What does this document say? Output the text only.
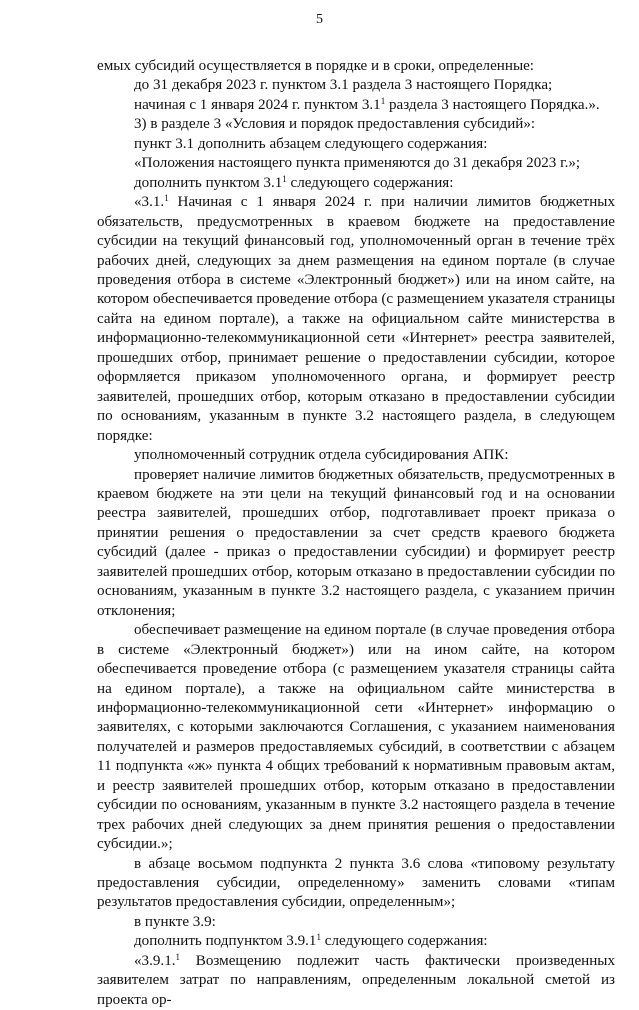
5

емых субсидий осуществляется в порядке и в сроки, определенные:

до 31 декабря 2023 г. пунктом 3.1 раздела 3 настоящего Порядка;

начиная с 1 января 2024 г. пунктом $3.1^1$ раздела 3 настоящего Порядка.».

3) в разделе 3 «Условия и порядок предоставления субсидий»:

пункт 3.1 дополнить абзацем следующего содержания:

«Положения настоящего пункта применяются до 31 декабря 2023 г.»;

дополнить пунктом $3.1^1$ следующего содержания:

«3.1.$^1$ Начиная с 1 января 2024 г. при наличии лимитов бюджетных обязательств, предусмотренных в краевом бюджете на предоставление субсидии на текущий финансовый год, уполномоченный орган в течение трёх рабочих дней, следующих за днем размещения на едином портале (в случае проведения отбора в системе «Электронный бюджет») или на ином сайте, на котором обеспечивается проведение отбора (с размещением указателя страницы сайта на едином портале), а также на официальном сайте министерства в информационно-телекоммуникационной сети «Интернет» реестра заявителей, прошедших отбор, принимает решение о предоставлении субсидии, которое оформляется приказом уполномоченного органа, и формирует реестр заявителей, прошедших отбор, которым отказано в предоставлении субсидии по основаниям, указанным в пункте 3.2 настоящего раздела, в следующем порядке:

уполномоченный сотрудник отдела субсидирования АПК:

проверяет наличие лимитов бюджетных обязательств, предусмотренных в краевом бюджете на эти цели на текущий финансовый год и на основании реестра заявителей, прошедших отбор, подготавливает проект приказа о принятии решения о предоставлении за счет средств краевого бюджета субсидий (далее - приказ о предоставлении субсидии) и формирует реестр заявителей прошедших отбор, которым отказано в предоставлении субсидии по основаниям, указанным в пункте 3.2 настоящего раздела, с указанием причин отклонения;

обеспечивает размещение на едином портале (в случае проведения отбора в системе «Электронный бюджет») или на ином сайте, на котором обеспечивается проведение отбора (с размещением указателя страницы сайта на едином портале), а также на официальном сайте министерства в информационно-телекоммуникационной сети «Интернет» информацию о заявителях, с которыми заключаются Соглашения, с указанием наименования получателей и размеров предоставляемых субсидий, в соответствии с абзацем 11 подпункта «ж» пункта 4 общих требований к нормативным правовым актам, и реестр заявителей прошедших отбор, которым отказано в предоставлении субсидии по основаниям, указанным в пункте 3.2 настоящего раздела в течение трех рабочих дней следующих за днем принятия решения о предоставлении субсидии.»;

в абзаце восьмом подпункта 2 пункта 3.6 слова «типовому результату предоставления субсидии, определенному» заменить словами «типам результатов предоставления субсидии, определенным»;

в пункте 3.9:

дополнить подпунктом 3.9.1$^1$ следующего содержания:

«3.9.1.$^1$ Возмещению подлежит часть фактически произведенных заявителем затрат по направлениям, определенным локальной сметой из проекта ор-
